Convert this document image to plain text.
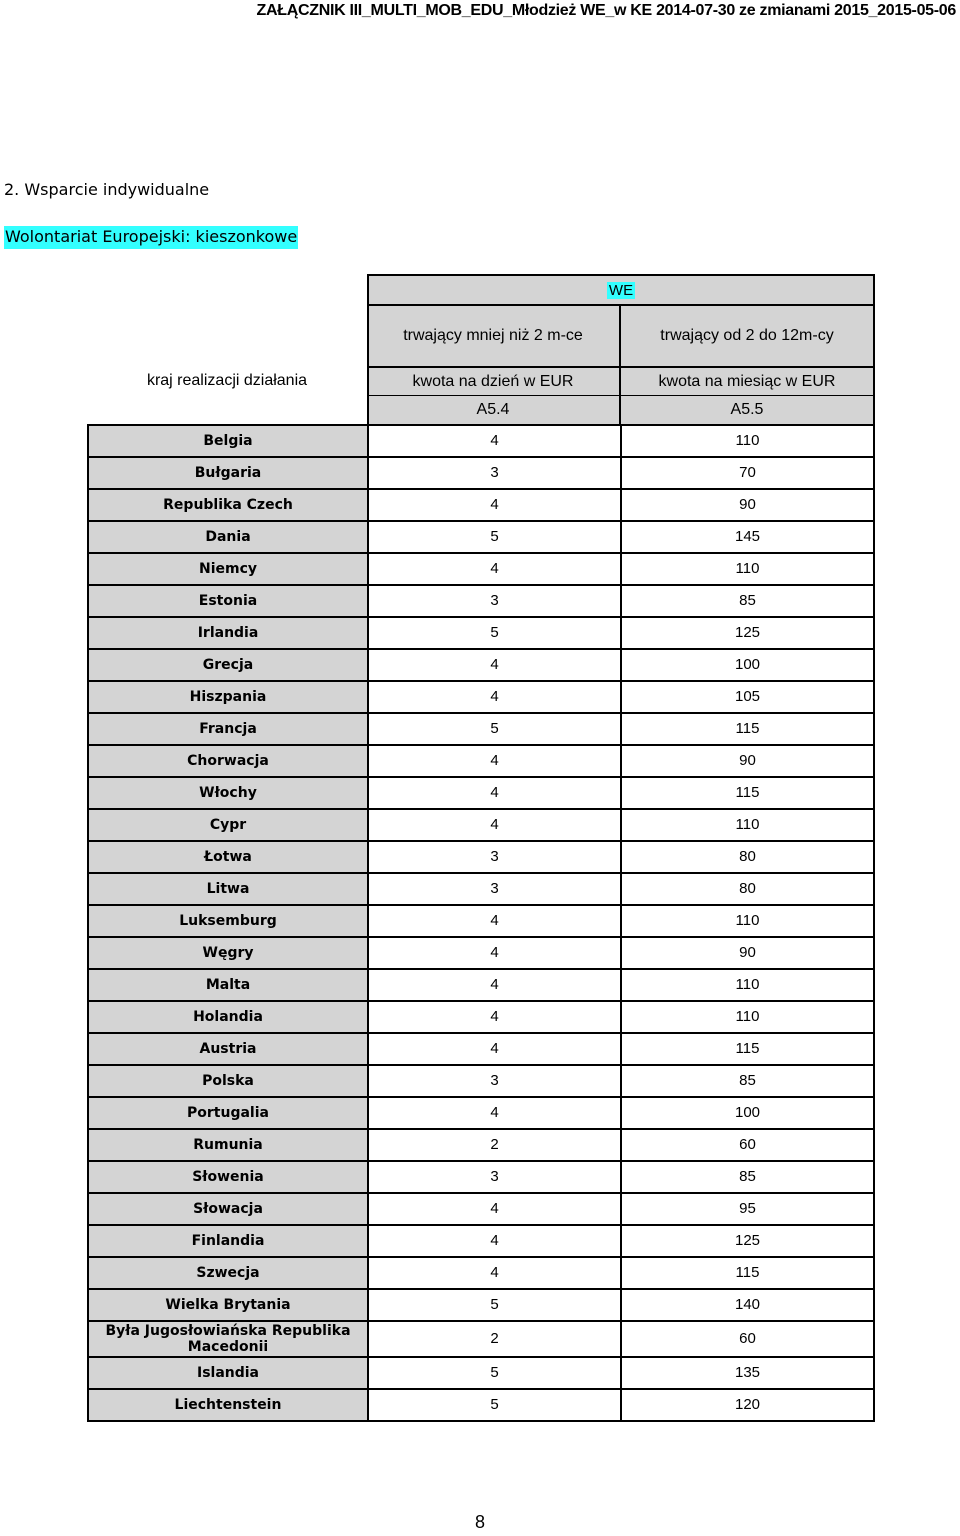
ZAŁĄCZNIK III_MULTI_MOB_EDU_Młodzież WE_w KE 2014-07-30 ze zmianami 2015_2015-05-06
2. Wsparcie indywidualne
Wolontariat Europejski: kieszonkowe
WE
trwający mniej niż 2 m-ce	trwający od 2 do 12m-cy
kwota na dzień w EUR	kwota na miesiąc w EUR
A5.4	A5.5
kraj realizacji działania
Belgia	4	110
Bułgaria	3	70
Republika Czech	4	90
Dania	5	145
Niemcy	4	110
Estonia	3	85
Irlandia	5	125
Grecja	4	100
Hiszpania	4	105
Francja	5	115
Chorwacja	4	90
Włochy	4	115
Cypr	4	110
Łotwa	3	80
Litwa	3	80
Luksemburg	4	110
Węgry	4	90
Malta	4	110
Holandia	4	110
Austria	4	115
Polska	3	85
Portugalia	4	100
Rumunia	2	60
Słowenia	3	85
Słowacja	4	95
Finlandia	4	125
Szwecja	4	115
Wielka Brytania	5	140
Była Jugosłowiańska Republika Macedonii	2	60
Islandia	5	135
Liechtenstein	5	120
8
